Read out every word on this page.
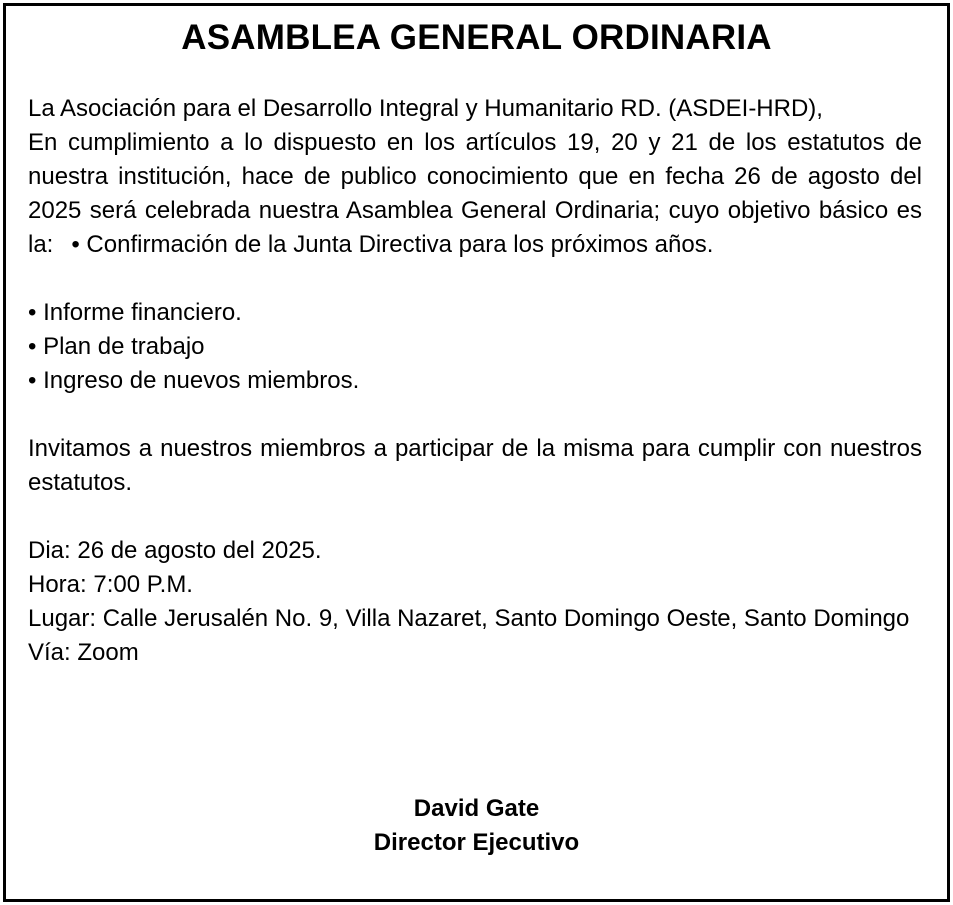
ASAMBLEA GENERAL ORDINARIA

La Asociación para el Desarrollo Integral y Humanitario RD. (ASDEI-HRD),

En cumplimiento a lo dispuesto en los artículos 19, 20 y 21 de los estatutos de nuestra institución, hace de publico conocimiento que en fecha 26 de agosto del 2025 será celebrada nuestra Asamblea General Ordinaria; cuyo objetivo básico es la: • Confirmación de la Junta Directiva para los próximos años.

• Informe financiero.

• Plan de trabajo

• Ingreso de nuevos miembros.

Invitamos a nuestros miembros a participar de la misma para cumplir con nuestros estatutos.

Dia: 26 de agosto del 2025.

Hora: 7:00 P.M.

Lugar: Calle Jerusalén No. 9, Villa Nazaret, Santo Domingo Oeste, Santo Domingo

Vía: Zoom

David Gate
Director Ejecutivo
